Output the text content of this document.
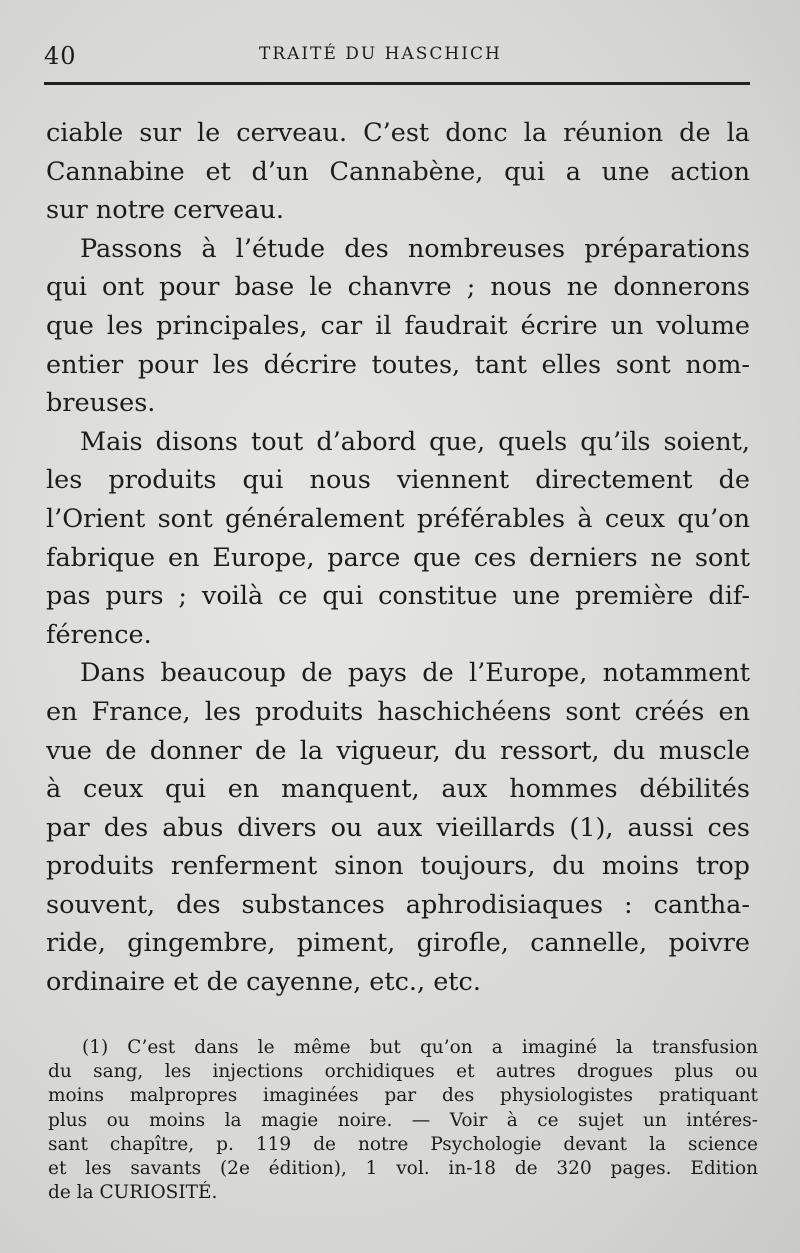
40	TRAITÉ DU HASCHICH
ciable sur le cerveau. C’est donc la réunion de la
Cannabine et d’un Cannabène, qui a une action
sur notre cerveau.
Passons à l’étude des nombreuses préparations
qui ont pour base le chanvre ; nous ne donnerons
que les principales, car il faudrait écrire un volume
entier pour les décrire toutes, tant elles sont nom-
breuses.
Mais disons tout d’abord que, quels qu’ils soient,
les produits qui nous viennent directement de
l’Orient sont généralement préférables à ceux qu’on
fabrique en Europe, parce que ces derniers ne sont
pas purs ; voilà ce qui constitue une première dif-
férence.
Dans beaucoup de pays de l’Europe, notamment
en France, les produits haschichéens sont créés en
vue de donner de la vigueur, du ressort, du muscle
à ceux qui en manquent, aux hommes débilités
par des abus divers ou aux vieillards (1), aussi ces
produits renferment sinon toujours, du moins trop
souvent, des substances aphrodisiaques : cantha-
ride, gingembre, piment, girofle, cannelle, poivre
ordinaire et de cayenne, etc., etc.
(1) C’est dans le même but qu’on a imaginé la transfusion
du sang, les injections orchidiques et autres drogues plus ou
moins malpropres imaginées par des physiologistes pratiquant
plus ou moins la magie noire. — Voir à ce sujet un intéres-
sant chapître, p. 119 de notre Psychologie devant la science
et les savants (2e édition), 1 vol. in-18 de 320 pages. Edition
de la CURIOSITÉ.
